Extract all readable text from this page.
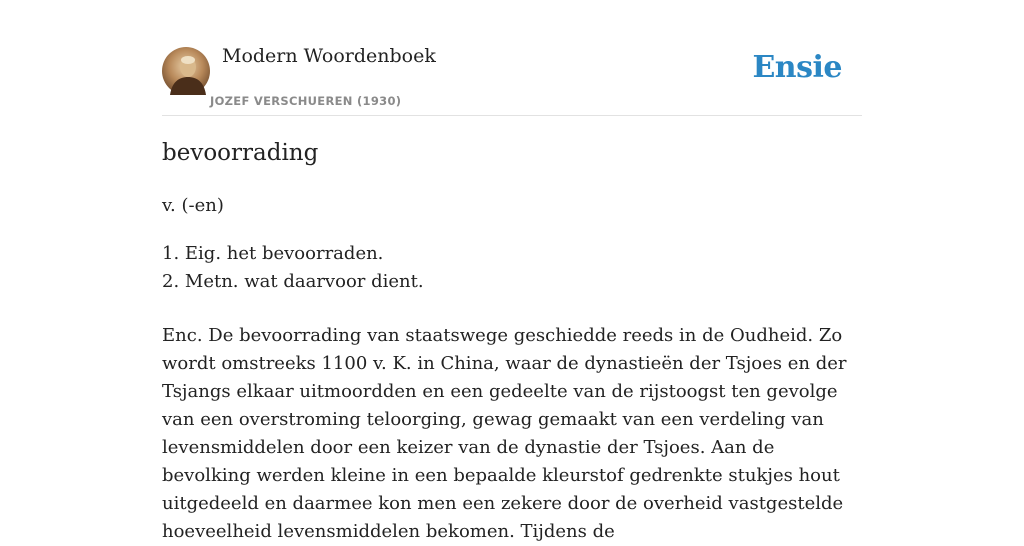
Modern Woordenboek
JOZEF VERSCHUEREN (1930)
Ensie
bevoorrading
v. (-en)
1. Eig. het bevoorraden.
2. Metn. wat daarvoor dient.

Enc. De bevoorrading van staatswege geschiedde reeds in de Oudheid. Zo wordt omstreeks 1100 v. K. in China, waar de dynastieën der Tsjoes en der Tsjangs elkaar uitmoordden en een gedeelte van de rijstoogst ten gevolge van een overstroming teloorging, gewag gemaakt van een verdeling van levensmiddelen door een keizer van de dynastie der Tsjoes. Aan de bevolking werden kleine in een bepaalde kleurstof gedrenkte stukjes hout uitgedeeld en daarmee kon men een zekere door de overheid vastgestelde hoeveelheid levensmiddelen bekomen. Tijdens de
